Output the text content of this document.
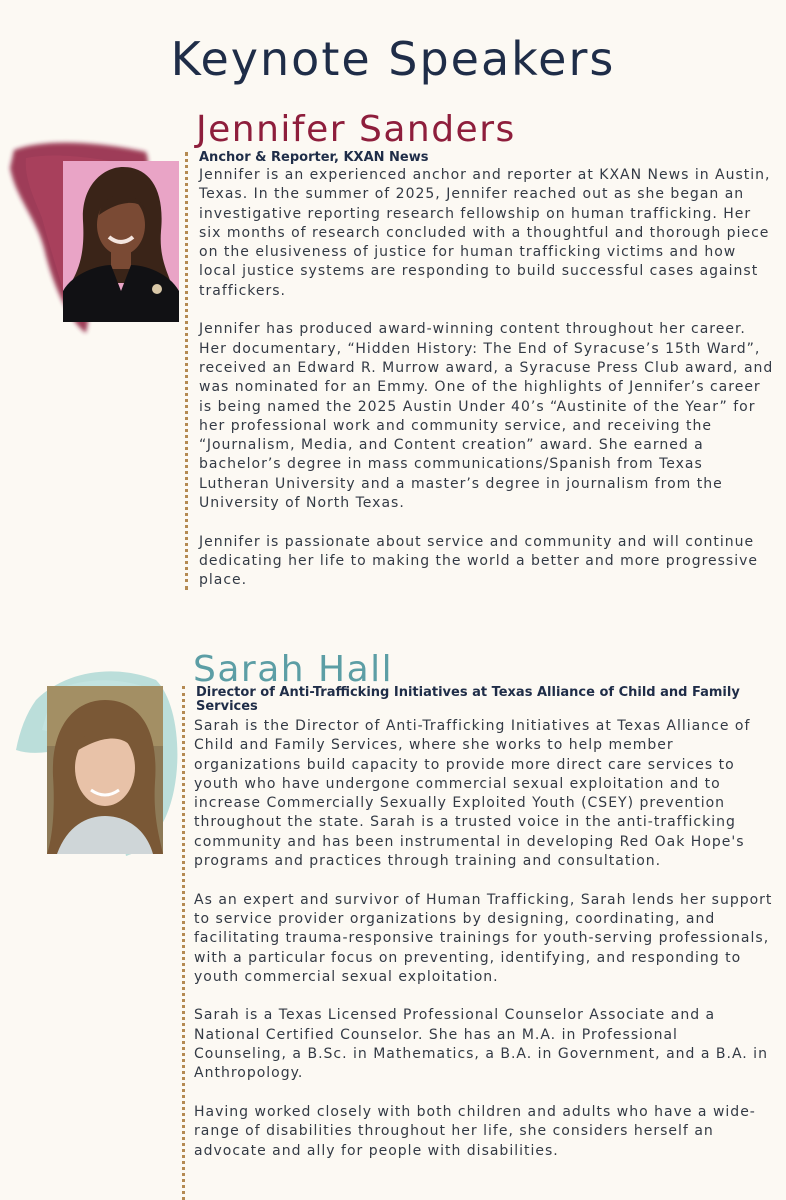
Keynote Speakers
Jennifer Sanders
Anchor & Reporter, KXAN News

Jennifer is an experienced anchor and reporter at KXAN News in Austin, Texas. In the summer of 2025, Jennifer reached out as she began an investigative reporting research fellowship on human trafficking. Her six months of research concluded with a thoughtful and thorough piece on the elusiveness of justice for human trafficking victims and how local justice systems are responding to build successful cases against traffickers.

Jennifer has produced award-winning content throughout her career. Her documentary, “Hidden History: The End of Syracuse’s 15th Ward”, received an Edward R. Murrow award, a Syracuse Press Club award, and was nominated for an Emmy. One of the highlights of Jennifer’s career is being named the 2025 Austin Under 40’s “Austinite of the Year” for her professional work and community service, and receiving the “Journalism, Media, and Content creation” award. She earned a bachelor’s degree in mass communications/Spanish from Texas Lutheran University and a master’s degree in journalism from the University of North Texas.

Jennifer is passionate about service and community and will continue dedicating her life to making the world a better and more progressive place.

Sarah Hall
Director of Anti-Trafficking Initiatives at Texas Alliance of Child and Family Services

Sarah is the Director of Anti-Trafficking Initiatives at Texas Alliance of Child and Family Services, where she works to help member organizations build capacity to provide more direct care services to youth who have undergone commercial sexual exploitation and to increase Commercially Sexually Exploited Youth (CSEY) prevention throughout the state. Sarah is a trusted voice in the anti-trafficking community and has been instrumental in developing Red Oak Hope's programs and practices through training and consultation.

As an expert and survivor of Human Trafficking, Sarah lends her support to service provider organizations by designing, coordinating, and facilitating trauma-responsive trainings for youth-serving professionals, with a particular focus on preventing, identifying, and responding to youth commercial sexual exploitation.

Sarah is a Texas Licensed Professional Counselor Associate and a National Certified Counselor. She has an M.A. in Professional Counseling, a B.Sc. in Mathematics, a B.A. in Government, and a B.A. in Anthropology.

Having worked closely with both children and adults who have a wide-range of disabilities throughout her life, she considers herself an advocate and ally for people with disabilities.
